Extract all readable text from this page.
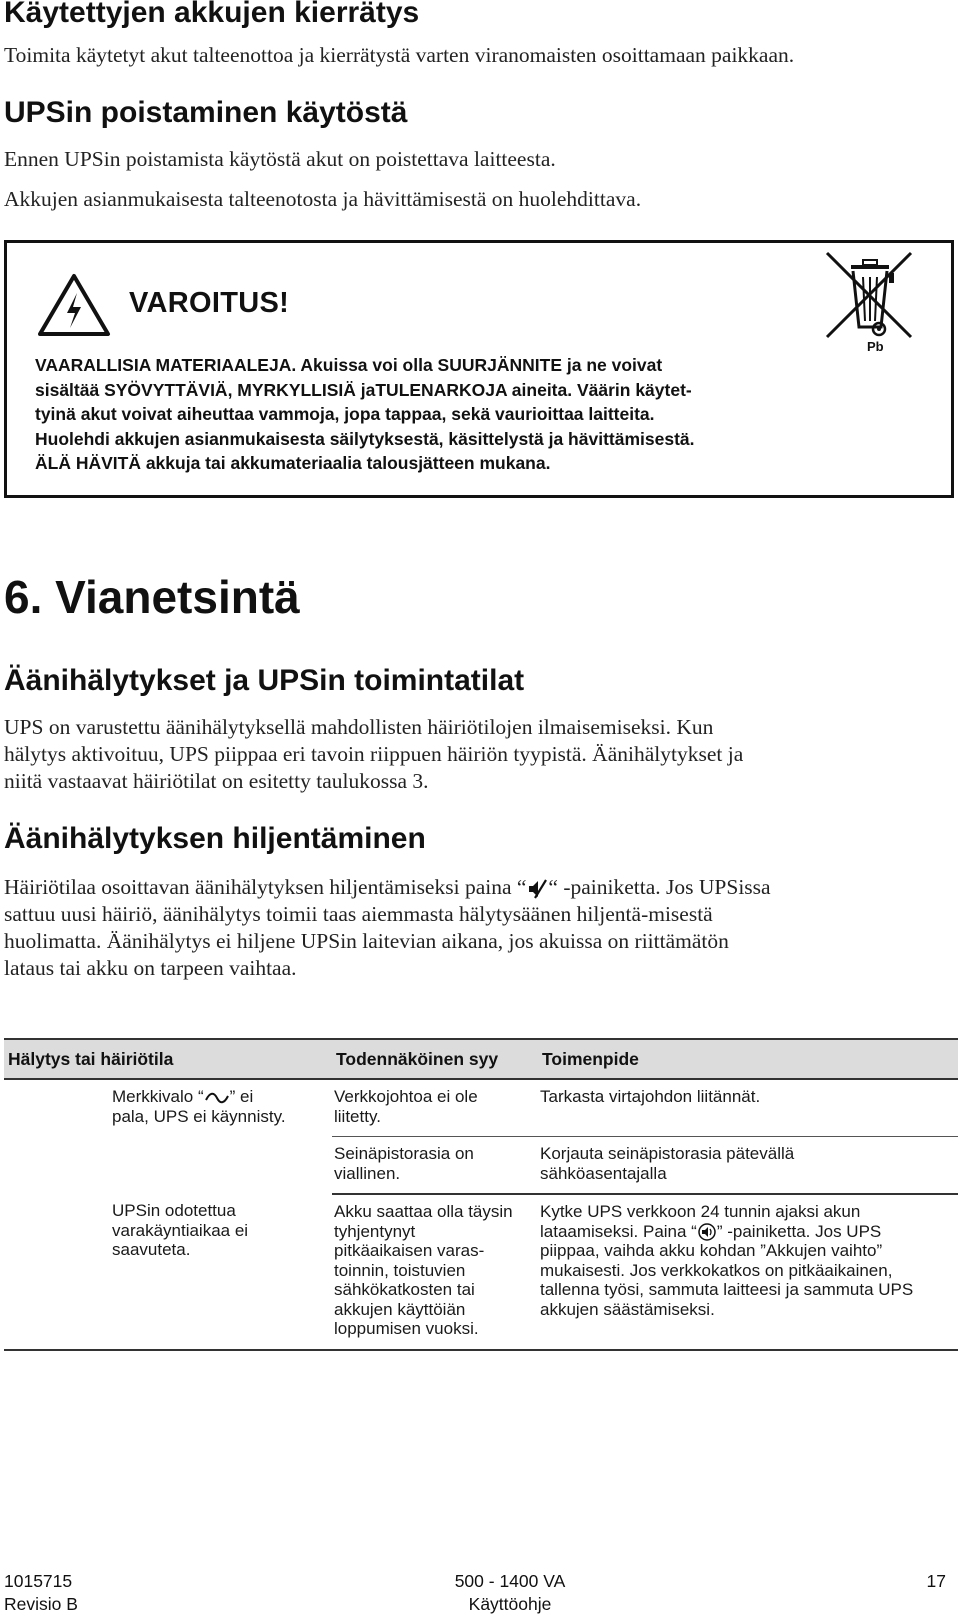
Käytettyjen akkujen kierrätys

Toimita käytetyt akut talteenottoa ja kierrätystä varten viranomaisten osoittamaan paikkaan.

UPSin poistaminen käytöstä

Ennen UPSin poistamista käytöstä akut on poistettava laitteesta.

Akkujen asianmukaisesta talteenotosta ja hävittämisestä on huolehdittava.

VAROITUS!
Pb

VAARALLISIA MATERIAALEJA. Akuissa voi olla SUURJÄNNITE ja ne voivat

sisältää SYÖVYTTÄVIÄ, MYRKYLLISIÄ jaTULENARKOJA aineita. Väärin käytet-

tyinä akut voivat aiheuttaa vammoja, jopa tappaa, sekä vaurioittaa laitteita.

Huolehdi akkujen asianmukaisesta säilytyksestä, käsittelystä ja hävittämisestä.

ÄLÄ HÄVITÄ akkuja tai akkumateriaalia talousjätteen mukana.

6. Vianetsintä
Äänihälytykset ja UPSin toimintatilat

UPS on varustettu äänihälytyksellä mahdollisten häiriötilojen ilmaisemiseksi. Kun

hälytys aktivoituu, UPS piippaa eri tavoin riippuen häiriön tyypistä. Äänihälytykset ja

niitä vastaavat häiriötilat on esitetty taulukossa 3.

Äänihälytyksen hiljentäminen

Häiriötilaa osoittavan äänihälytyksen hiljentämiseksi paina “ “ -painiketta. Jos UPSissa

sattuu uusi häiriö, äänihälytys toimii taas aiemmasta hälytysäänen hiljentä-misestä

huolimatta. Äänihälytys ei hiljene UPSin laitevian aikana, jos akuissa on riittämätön

lataus tai akku on tarpeen vaihtaa.

Hälytys tai häiriötila	Todennäköinen syy	Toimenpide

Merkkivalo “ ” ei pala, UPS ei käynnisty.	Verkkojohtoa ei ole liitetty.	Tarkasta virtajohdon liitännät.

	Seinäpistorasia on viallinen.	Korjauta seinäpistorasia pätevällä sähköasentajalla

UPSin odotettua varakäyntiaikaa ei saavuteta.	Akku saattaa olla täysin tyhjentynyt pitkäaikaisen varas-toinnin, toistuvien sähkökatkosten tai akkujen käyttöiän loppumisen vuoksi.	Kytke UPS verkkoon 24 tunnin ajaksi akun lataamiseksi. Paina “ ” -painiketta. Jos UPS piippaa, vaihda akku kohdan ”Akkujen vaihto” mukaisesti. Jos verkkokatkos on pitkäaikainen, tallenna työsi, sammuta laitteesi ja sammuta UPS akkujen säästämiseksi.
1015715
Revisio B
500 - 1400 VA
Käyttöohje
17
